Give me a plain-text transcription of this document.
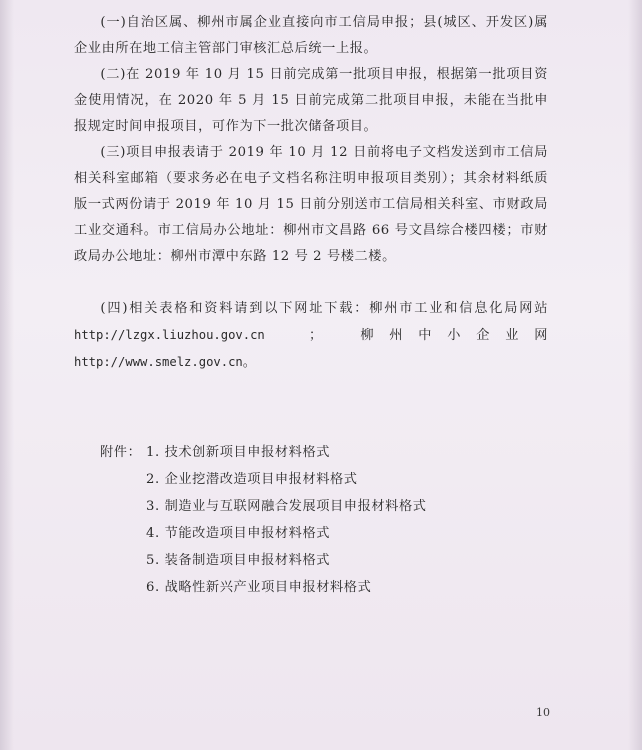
(一)自治区属、柳州市属企业直接向市工信局申报；县(城区、开发区)属企业由所在地工信主管部门审核汇总后统一上报。

(二)在 2019 年 10 月 15 日前完成第一批项目申报，根据第一批项目资金使用情况，在 2020 年 5 月 15 日前完成第二批项目申报，未能在当批申报规定时间申报项目，可作为下一批次储备项目。

(三)项目申报表请于 2019 年 10 月 12 日前将电子文档发送到市工信局相关科室邮箱（要求务必在电子文档名称注明申报项目类别）；其余材料纸质版一式两份请于 2019 年 10 月 15 日前分别送市工信局相关科室、市财政局工业交通科。市工信局办公地址：柳州市文昌路 66 号文昌综合楼四楼；市财政局办公地址：柳州市潭中东路 12 号 2 号楼二楼。

(四)相关表格和资料请到以下网址下载：柳州市工业和信息化局网站　http://lzgx.liuzhou.gov.cn　；　柳州中小企业网　http://www.smelz.gov.cn。

附件： 1. 技术创新项目申报材料格式
2. 企业挖潜改造项目申报材料格式
3. 制造业与互联网融合发展项目申报材料格式
4. 节能改造项目申报材料格式
5. 装备制造项目申报材料格式
6. 战略性新兴产业项目申报材料格式
10
